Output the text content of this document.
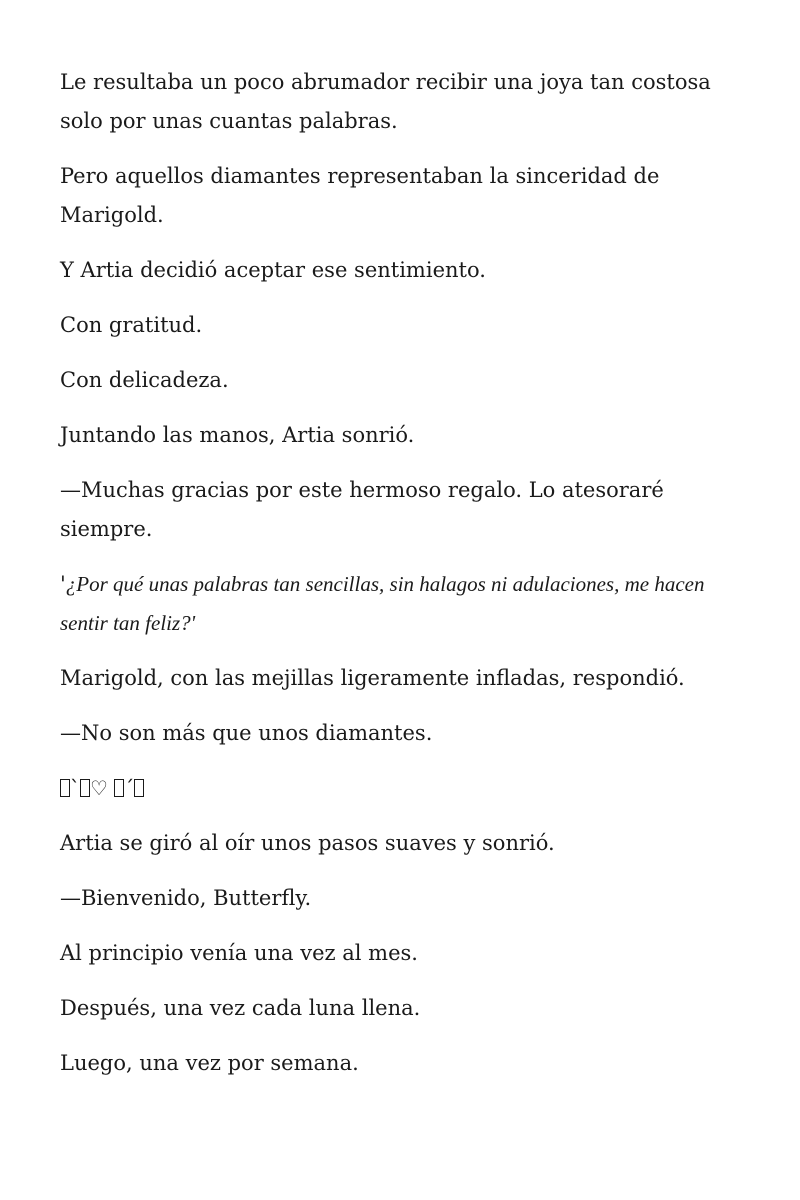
Le resultaba un poco abrumador recibir una joya tan costosa solo por unas cuantas palabras.

Pero aquellos diamantes representaban la sinceridad de Marigold.

Y Artia decidió aceptar ese sentimiento.

Con gratitud.

Con delicadeza.

Juntando las manos, Artia sonrió.

—Muchas gracias por este hermoso regalo. Lo atesoraré siempre.

'¿Por qué unas palabras tan sencillas, sin halagos ni adulaciones, me hacen sentir tan feliz?'

Marigold, con las mejillas ligeramente infladas, respondió.

—No son más que unos diamantes.

` ♡ ´

Artia se giró al oír unos pasos suaves y sonrió.

—Bienvenido, Butterfly.

Al principio venía una vez al mes.

Después, una vez cada luna llena.

Luego, una vez por semana.
